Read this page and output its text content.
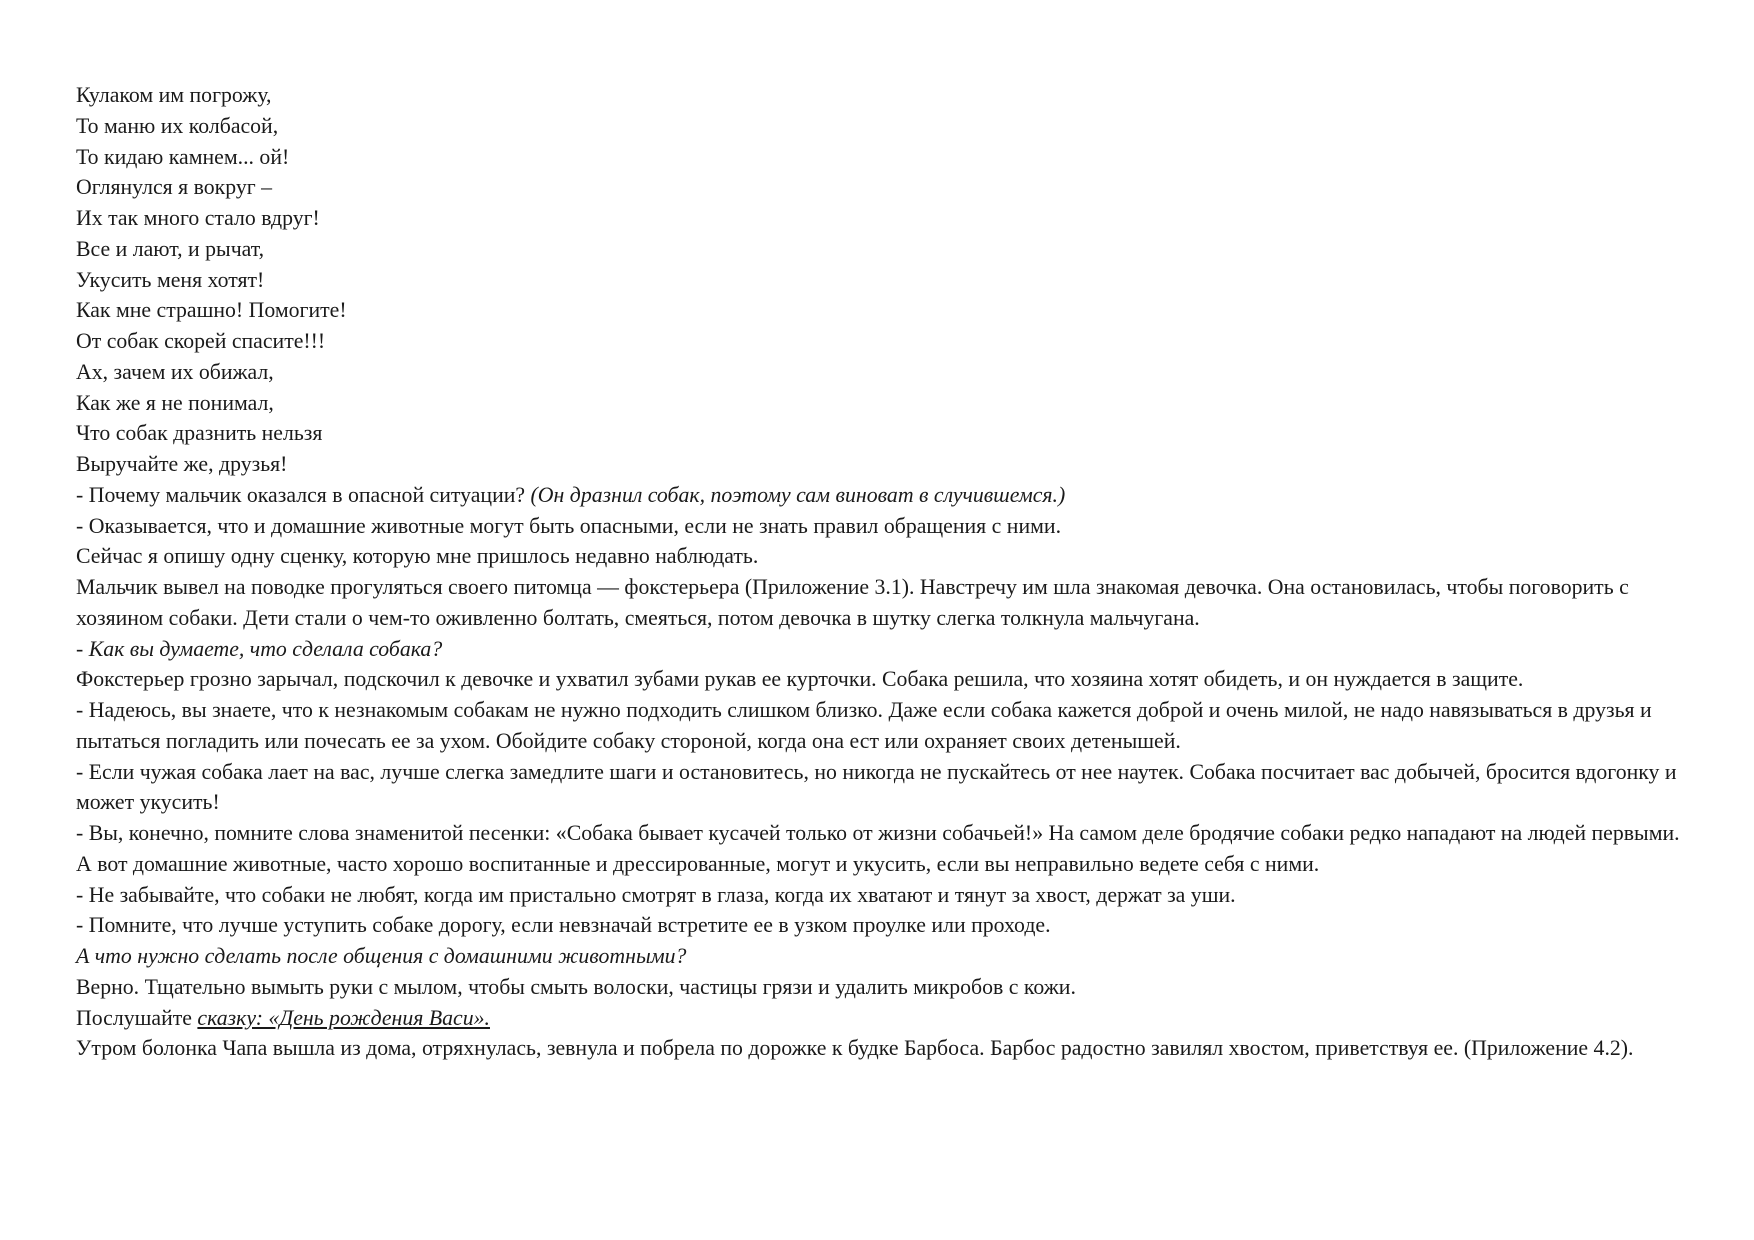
Кулаком им погрожу,
То маню их колбасой,
То кидаю камнем... ой!
Оглянулся я вокруг –
Их так много стало вдруг!
Все и лают, и рычат,
Укусить меня хотят!
Как мне страшно! Помогите!
От собак скорей спасите!!!
Ах, зачем их обижал,
Как же я не понимал,
Что собак дразнить нельзя
Выручайте же, друзья!
- Почему мальчик оказался в опасной ситуации? (Он дразнил собак, поэтому сам виноват в случившемся.)
- Оказывается, что и домашние животные могут быть опасными, если не знать правил обращения с ними.
Сейчас я опишу одну сценку, которую мне пришлось недавно наблюдать.
Мальчик вывел на поводке прогуляться своего питомца — фокстерьера (Приложение 3.1). Навстречу им шла знакомая девочка. Она остановилась, чтобы поговорить с хозяином собаки. Дети стали о чем-то оживленно болтать, смеяться, потом девочка в шутку слегка толкнула мальчугана.
- Как вы думаете, что сделала собака?
Фокстерьер грозно зарычал, подскочил к девочке и ухватил зубами рукав ее курточки. Собака решила, что хозяина хотят обидеть, и он нуждается в защите.
- Надеюсь, вы знаете, что к незнакомым собакам не нужно подходить слишком близко. Даже если собака кажется доброй и очень милой, не надо навязываться в друзья и пытаться погладить или почесать ее за ухом. Обойдите собаку стороной, когда она ест или охраняет своих детенышей.
- Если чужая собака лает на вас, лучше слегка замедлите шаги и остановитесь, но никогда не пускайтесь от нее наутек. Собака посчитает вас добычей, бросится вдогонку и может укусить!
- Вы, конечно, помните слова знаменитой песенки: «Собака бывает кусачей только от жизни собачьей!» На самом деле бродячие собаки редко нападают на людей первыми.
А вот домашние животные, часто хорошо воспитанные и дрессированные, могут и укусить, если вы неправильно ведете себя с ними.
- Не забывайте, что собаки не любят, когда им пристально смотрят в глаза, когда их хватают и тянут за хвост, держат за уши.
- Помните, что лучше уступить собаке дорогу, если невзначай встретите ее в узком проулке или проходе.
А что нужно сделать после общения с домашними животными?
Верно. Тщательно вымыть руки с мылом, чтобы смыть волоски, частицы грязи и удалить микробов с кожи.
Послушайте сказку: «День рождения Васи».
Утром болонка Чапа вышла из дома, отряхнулась, зевнула и побрела по дорожке к будке Барбоса. Барбос радостно завилял хвостом, приветствуя ее. (Приложение 4.2).
